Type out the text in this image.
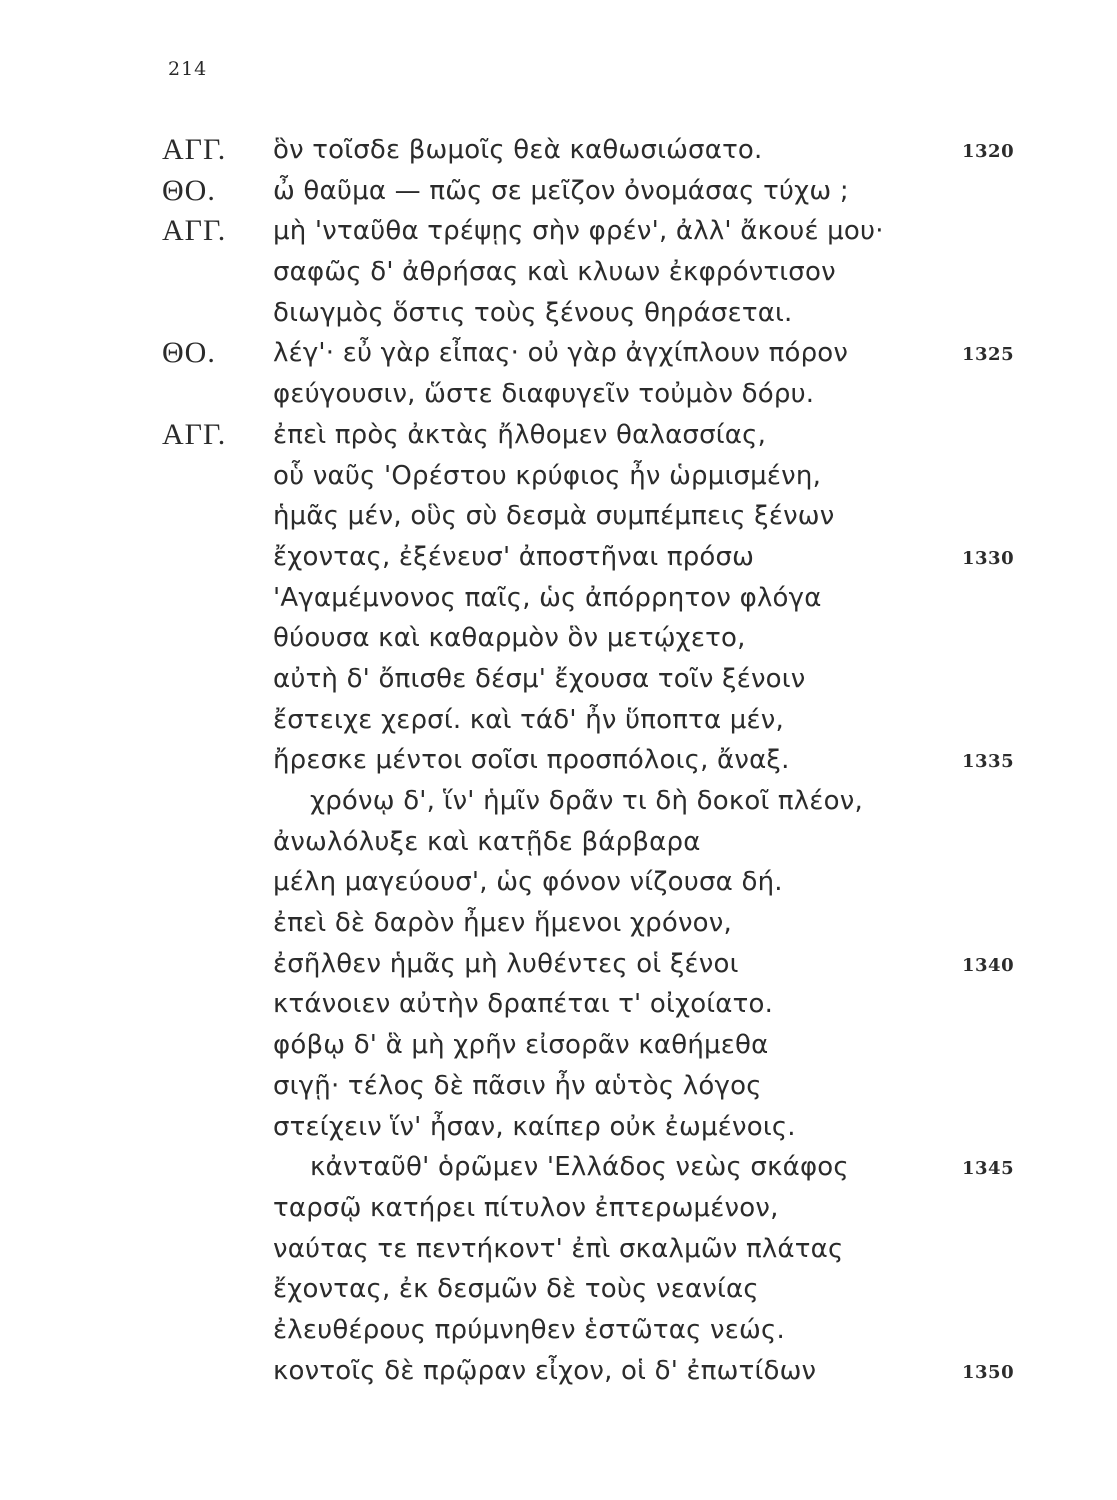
214
ΑΓΓ. ὃν τοῖσδε βωμοῖς θεὰ καθωσιώσατο.	1320
ΘΟ. ὦ θαῦμα — πῶς σε μεῖζον ὀνομάσας τύχω ;
ΑΓΓ. μὴ 'νταῦθα τρέψῃς σὴν φρέν', ἀλλ' ἄκουέ μου·
σαφῶς δ' ἀθρήσας καὶ κλυων ἐκφρόντισον
διωγμὸς ὅστις τοὺς ξένους θηράσεται.
ΘΟ. λέγ'· εὖ γὰρ εἶπας· οὐ γὰρ ἀγχίπλουν πόρον	1325
φεύγουσιν, ὥστε διαφυγεῖν τοὐμὸν δόρυ.
ΑΓΓ. ἐπεὶ πρὸς ἀκτὰς ἤλθομεν θαλασσίας,
οὗ ναῦς 'Ορέστου κρύφιος ἦν ὡρμισμένη,
ἡμᾶς μέν, οὓς σὺ δεσμὰ συμπέμπεις ξένων
ἔχοντας, ἐξένευσ' ἀποστῆναι πρόσω	1330
'Αγαμέμνονος παῖς, ὡς ἀπόρρητον φλόγα
θύουσα καὶ καθαρμὸν ὃν μετῴχετο,
αὐτὴ δ' ὄπισθε δέσμ' ἔχουσα τοῖν ξένοιν
ἔστειχε χερσί. καὶ τάδ' ἦν ὕποπτα μέν,
ἤρεσκε μέντοι σοῖσι προσπόλοις, ἄναξ.	1335
χρόνῳ δ', ἵν' ἡμῖν δρᾶν τι δὴ δοκοῖ πλέον,
ἀνωλόλυξε καὶ κατῇδε βάρβαρα
μέλη μαγεύουσ', ὡς φόνον νίζουσα δή.
ἐπεὶ δὲ δαρὸν ἦμεν ἥμενοι χρόνον,
ἐσῆλθεν ἡμᾶς μὴ λυθέντες οἱ ξένοι	1340
κτάνοιεν αὐτὴν δραπέται τ' οἰχοίατο.
φόβῳ δ' ἃ μὴ χρῆν εἰσορᾶν καθήμεθα
σιγῇ· τέλος δὲ πᾶσιν ἦν αὑτὸς λόγος
στείχειν ἵν' ἦσαν, καίπερ οὐκ ἐωμένοις.
κἀνταῦθ' ὁρῶμεν 'Ελλάδος νεὼς σκάφος	1345
ταρσῷ κατήρει πίτυλον ἐπτερωμένον,
ναύτας τε πεντήκοντ' ἐπὶ σκαλμῶν πλάτας
ἔχοντας, ἐκ δεσμῶν δὲ τοὺς νεανίας
ἐλευθέρους πρύμνηθεν ἑστῶτας νεώς.
κοντοῖς δὲ πρῷραν εἶχον, οἱ δ' ἐπωτίδων	1350
